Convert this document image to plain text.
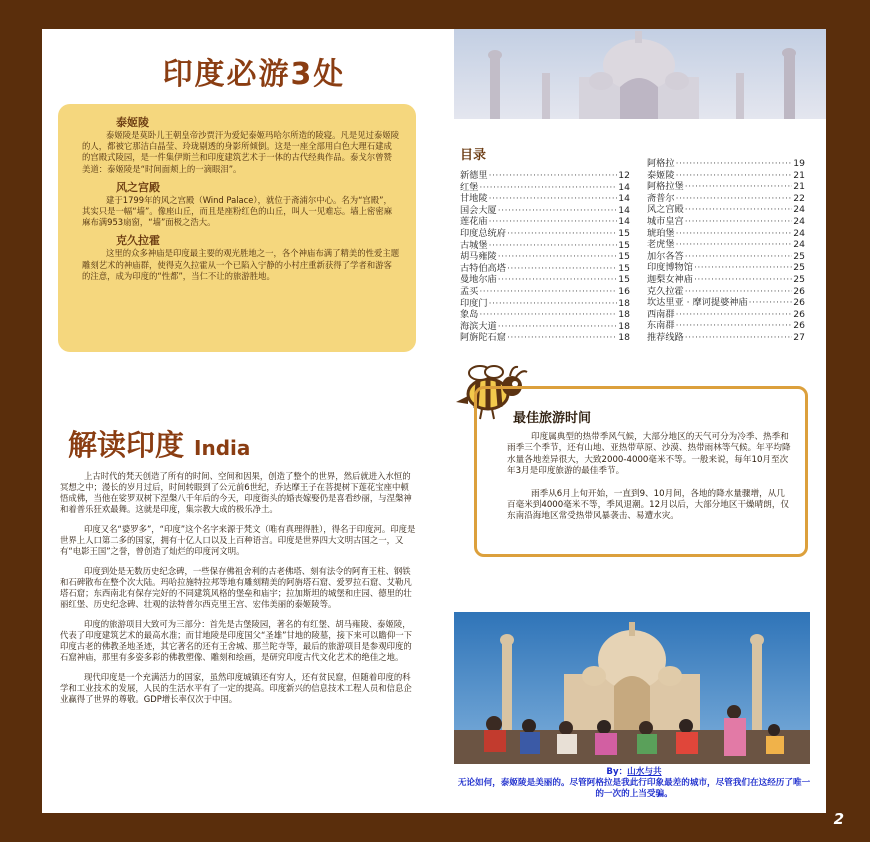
印度必游3处
泰姬陵

泰姬陵是莫卧儿王朝皇帝沙贾汗为爱妃泰姬玛哈尔所造的陵寝。凡是见过泰姬陵的人，都被它那洁白晶莹、玲珑剔透的身影所倾倒。这是一座全部用白色大理石建成的宫殿式陵园，是一件集伊斯兰和印度建筑艺术于一体的古代经典作品。泰戈尔曾赞美道：泰姬陵是“时间面颊上的一滴眼泪”。

风之宫殿

建于1799年的风之宫殿（Wind Palace），就位于斋浦尔中心。名为“宫殿”，其实只是一幅“墙”。像座山丘，而且是座粉红色的山丘，叫人一见难忘。墙上密密麻麻布满953扇窗，“墙”面极之浩大。

克久拉霍

这里的众多神庙是印度最主要的观光胜地之一，各个神庙布满了精美的性爱主题雕刻艺术的神庙群，使得克久拉霍从一个已陷入宁静的小村庄重新获得了学者和游客的注意，成为印度的“性都”，当仁不让的旅游胜地。

目录
新德里 ·····	12
红堡 ·····	14
甘地陵 ·····	14
国会大厦 ·····	14
莲花庙 ·····	14
印度总统府 ·····	15
古城堡 ·····	15
胡马雍陵 ·····	15
古特伯高塔 ·····	15
曼地尔庙 ·····	15
孟买 ·····	16
印度门 ·····	18
象岛 ·····	18
海滨大道 ·····	18
阿旃陀石窟 ·····	18
阿格拉 ·····	19
泰姬陵 ·····	21
阿格拉堡 ·····	21
斋普尔 ·····	22
风之宫殿 ·····	24
城市皇宫 ·····	24
琥珀堡 ·····	24
老虎堡 ·····	24
加尔各答 ·····	25
印度博物馆 ·····	25
迦梨女神庙 ·····	25
克久拉霍 ·····	26
坎达里亚 · 摩诃提婆神庙 ·····	26
西南群 ·····	26
东南群 ·····	26
推荐线路 ·····	27
最佳旅游时间

印度属典型的热带季风气候，大部分地区的天气可分为冷季、热季和雨季三个季节，还有山地、亚热带草原、沙漠、热带雨林等气候。年平均降水量各地差异很大，大致2000-4000毫米不等。一般来说，每年10月至次年3月是印度旅游的最佳季节。

雨季从6月上旬开始，一直到9、10月间，各地的降水量骤增，从几百毫米到4000毫米不等，季风退潮。12月以后，大部分地区干燥晴朗，仅东南沿海地区常受热带风暴袭击、易遭水灾。

解读印度 India

上古时代的梵天创造了所有的时间、空间和因果，创造了整个的世界，然后就进入水恒的冥想之中；漫长的岁月过后，时间转眼到了公元前6世纪，乔达摩王子在菩提树下莲花宝座中顿悟成佛，当他在娑罗双树下涅槃八千年后的今天，印度街头的婚丧嫁娶仍是喜看纱丽，与涅槃神和着普乐狂欢最舞。这就是印度，集宗教大成的极乐净土。

印度又名“婆罗多”，“印度”这个名字来源于梵文（唯有真理得胜），得名于印度河。印度是世界上人口第二多的国家，拥有十亿人口以及上百种语言。印度是世界四大文明古国之一，又有“电影王国”之誉，曾创造了灿烂的印度河文明。

印度到处是无数历史纪念碑，一些保存佛祖舍利的古老佛塔、刻有法令的阿育王柱、钢铁和石碑散布在整个次大陆。玛哈拉施特拉邦等地有雕刻精美的阿旃塔石窟、爱罗拉石窟、艾勒凡塔石窟；东西南北有保存完好的不同建筑风格的堡垒和庙宇；拉加斯坦的城堡和庄园、德里的壮丽红堡、历史纪念碑、壮观的法特普尔西克里王宫、宏伟美丽的泰姬陵等。

印度的旅游项目大致可为三部分：首先是古堡陵园，著名的有红堡、胡马雍陵、泰姬陵，代表了印度建筑艺术的最高水准；而甘地陵是印度国父“圣雄”甘地的陵墓，接下来可以瞻仰一下印度古老的佛教圣地圣迹，其它著名的还有王舍城、那兰陀寺等，最后的旅游项目是参观印度的石窟神庙，那里有多姿多彩的佛教塑像、雕刻和绘画，是研究印度古代文化艺术的绝佳之地。

现代印度是一个充满活力的国家，虽然印度城镇还有穷人，还有贫民窟，但随着印度的科学和工业技术的发展，人民的生活水平有了一定的提高。印度新兴的信息技术工程人员和信息企业赢得了世界的尊敬。GDP增长率仅次于中国。

By：山水与共
无论如何，泰姬陵是美丽的。尽管阿格拉是我此行印象最差的城市，尽管我们在这经历了唯一的一次的上当受骗。
2
